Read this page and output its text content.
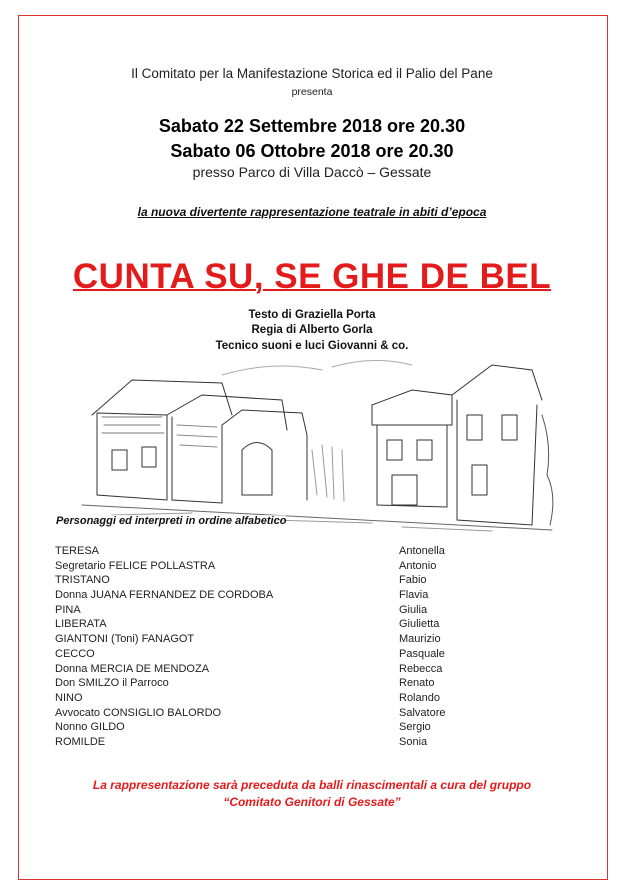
Il Comitato per la Manifestazione Storica ed il Palio del Pane
presenta
Sabato 22 Settembre 2018 ore 20.30
Sabato 06 Ottobre 2018 ore 20.30
presso Parco di Villa Daccò – Gessate
la nuova divertente rappresentazione teatrale in abiti d’epoca
CUNTA SU, SE GHE DE BEL
Testo di Graziella Porta
Regia di Alberto Gorla
Tecnico suoni e luci Giovanni & co.
Personaggi ed interpreti in ordine alfabetico
TERESA	Antonella
Segretario FELICE POLLASTRA	Antonio
TRISTANO	Fabio
Donna JUANA FERNANDEZ DE CORDOBA	Flavia
PINA	Giulia
LIBERATA	Giulietta
GIANTONI (Toni) FANAGOT	Maurizio
CECCO	Pasquale
Donna MERCIA DE MENDOZA	Rebecca
Don SMILZO il Parroco	Renato
NINO	Rolando
Avvocato CONSIGLIO BALORDO	Salvatore
Nonno GILDO	Sergio
ROMILDE	Sonia
La rappresentazione sarà preceduta da balli rinascimentali a cura del gruppo
“Comitato Genitori di Gessate”
